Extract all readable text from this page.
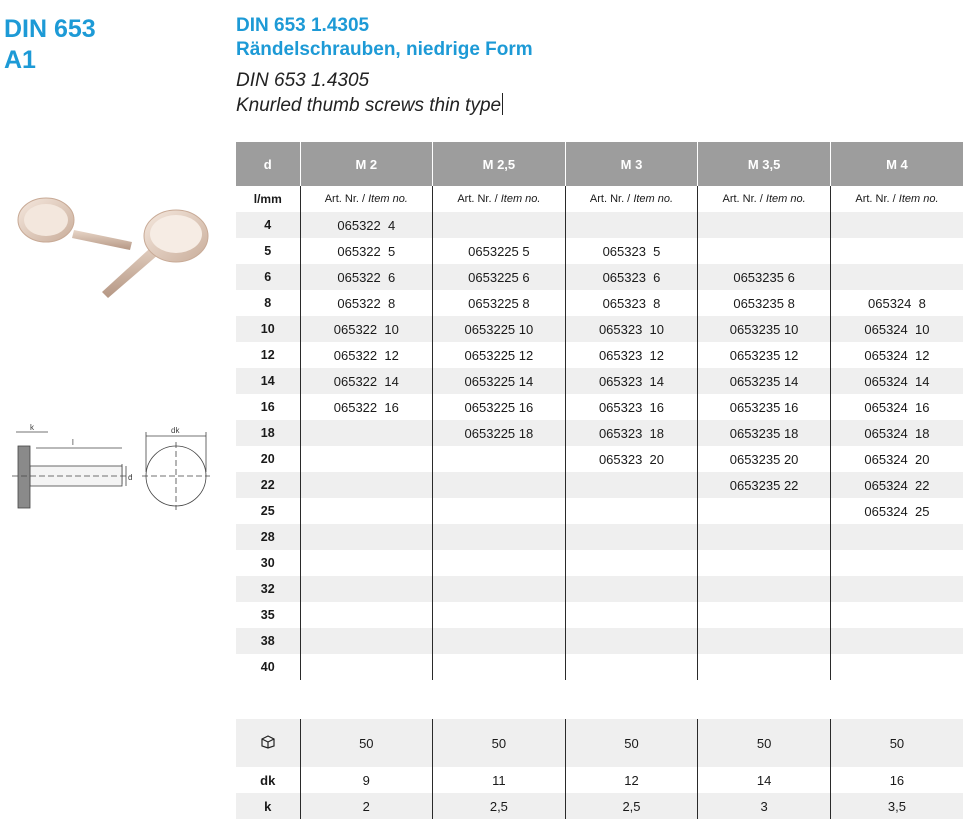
DIN 653
A1
DIN 653 1.4305
Rändelschrauben, niedrige Form
DIN 653 1.4305
Knurled thumb screws thin type
k
l
d
dk
d	M 2	M 2,5	M 3	M 3,5	M 4
l/mm	Art. Nr. / Item no.	Art. Nr. / Item no.	Art. Nr. / Item no.	Art. Nr. / Item no.	Art. Nr. / Item no.
4	065322  4				
5	065322  5	0653225 5	065323  5		
6	065322  6	0653225 6	065323  6	0653235 6	
8	065322  8	0653225 8	065323  8	0653235 8	065324  8
10	065322  10	0653225 10	065323  10	0653235 10	065324  10
12	065322  12	0653225 12	065323  12	0653235 12	065324  12
14	065322  14	0653225 14	065323  14	0653235 14	065324  14
16	065322  16	0653225 16	065323  16	0653235 16	065324  16
18		0653225 18	065323  18	0653235 18	065324  18
20			065323  20	0653235 20	065324  20
22				0653235 22	065324  22
25					065324  25
28					
30					
32					
35					
38					
40					
	50	50	50	50	50
dk	9	11	12	14	16
k	2	2,5	2,5	3	3,5
